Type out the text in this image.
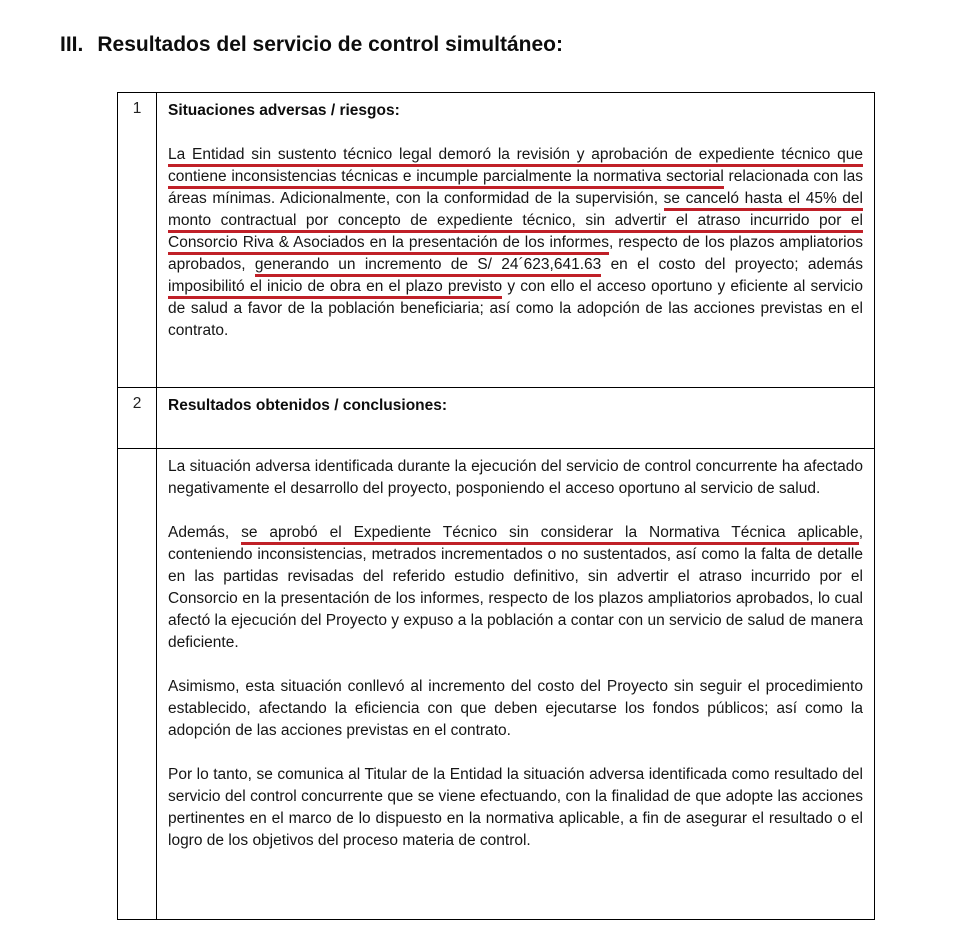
III. Resultados del servicio de control simultáneo:
1	Situaciones adversas / riesgos:

La Entidad sin sustento técnico legal demoró la revisión y aprobación de expediente técnico que contiene inconsistencias técnicas e incumple parcialmente la normativa sectorial relacionada con las áreas mínimas. Adicionalmente, con la conformidad de la supervisión, se canceló hasta el 45% del monto contractual por concepto de expediente técnico, sin advertir el atraso incurrido por el Consorcio Riva & Asociados en la presentación de los informes, respecto de los plazos ampliatorios aprobados, generando un incremento de S/ 24´623,641.63 en el costo del proyecto; además imposibilitó el inicio de obra en el plazo previsto y con ello el acceso oportuno y eficiente al servicio de salud a favor de la población beneficiaria; así como la adopción de las acciones previstas en el contrato.

2	Resultados obtenidos / conclusiones:

	La situación adversa identificada durante la ejecución del servicio de control concurrente ha afectado negativamente el desarrollo del proyecto, posponiendo el acceso oportuno al servicio de salud.

Además, se aprobó el Expediente Técnico sin considerar la Normativa Técnica aplicable, conteniendo inconsistencias, metrados incrementados o no sustentados, así como la falta de detalle en las partidas revisadas del referido estudio definitivo, sin advertir el atraso incurrido por el Consorcio en la presentación de los informes, respecto de los plazos ampliatorios aprobados, lo cual afectó la ejecución del Proyecto y expuso a la población a contar con un servicio de salud de manera deficiente.

Asimismo, esta situación conllevó al incremento del costo del Proyecto sin seguir el procedimiento establecido, afectando la eficiencia con que deben ejecutarse los fondos públicos; así como la adopción de las acciones previstas en el contrato.

Por lo tanto, se comunica al Titular de la Entidad la situación adversa identificada como resultado del servicio del control concurrente que se viene efectuando, con la finalidad de que adopte las acciones pertinentes en el marco de lo dispuesto en la normativa aplicable, a fin de asegurar el resultado o el logro de los objetivos del proceso materia de control.
